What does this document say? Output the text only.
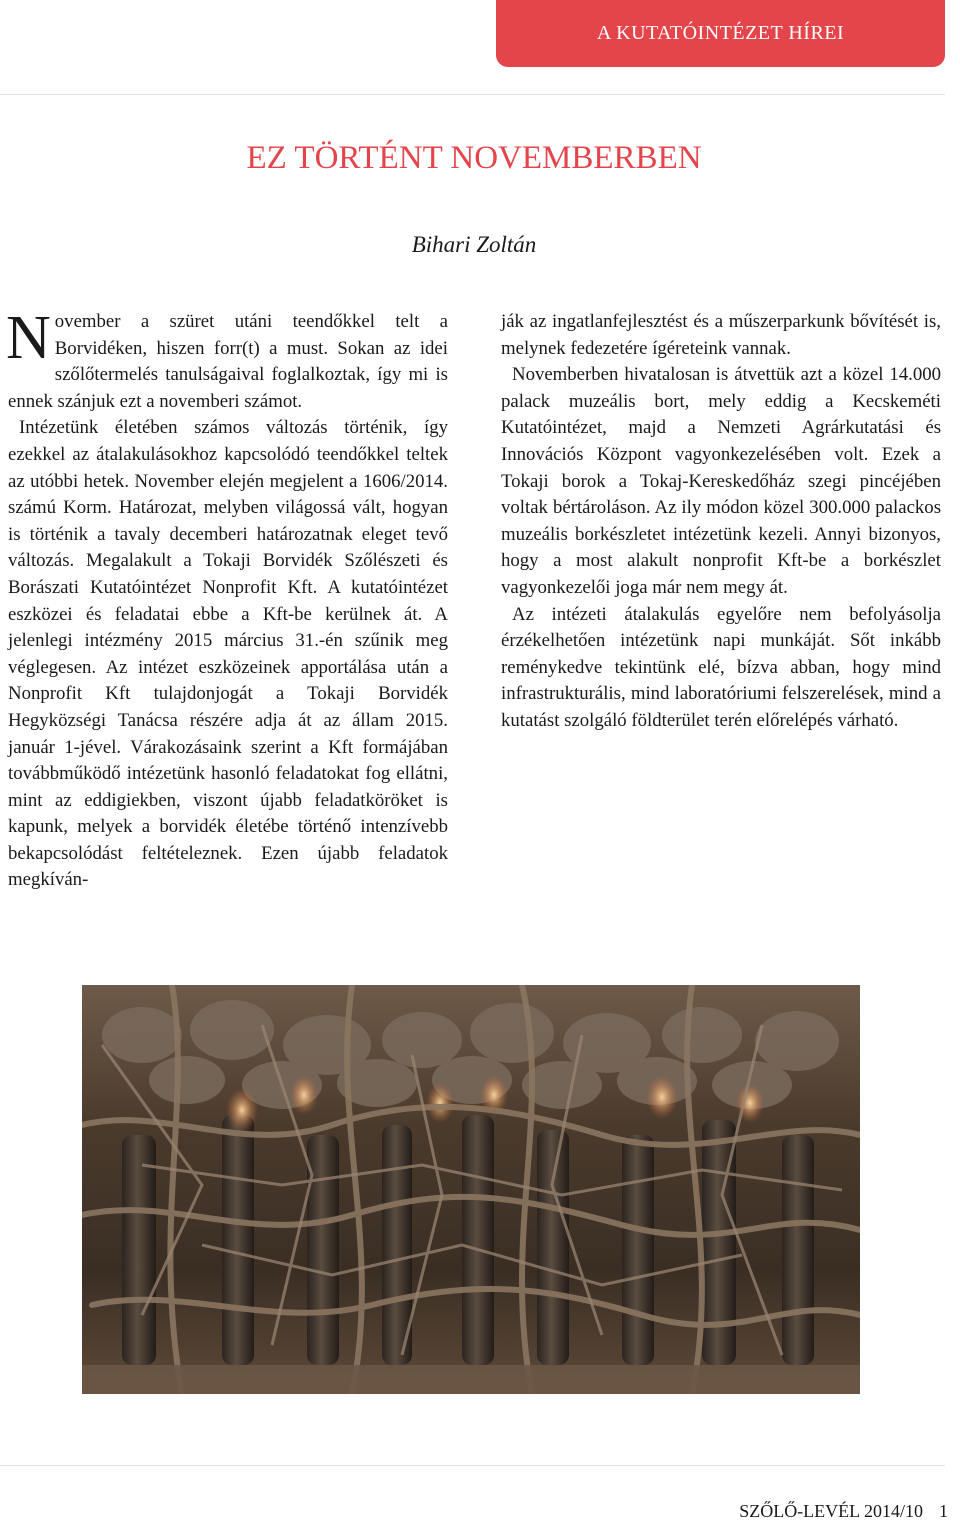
A KUTATÓINTÉZET HÍREI
EZ TÖRTÉNT NOVEMBERBEN
Bihari Zoltán

November a szüret utáni teendőkkel telt a Borvidéken, hiszen forr(t) a must. Sokan az idei szőlőtermelés tanulságaival foglalkoztak, így mi is ennek szánjuk ezt a novemberi számot.

Intézetünk életében számos változás történik, így ezekkel az átalakulásokhoz kapcsolódó teendőkkel teltek az utóbbi hetek. November elején megjelent a 1606/2014. számú Korm. Határozat, melyben világossá vált, hogyan is történik a tavaly decemberi határozatnak eleget tevő változás. Megalakult a Tokaji Borvidék Szőlészeti és Borászati Kutatóintézet Nonprofit Kft. A kutatóintézet eszközei és feladatai ebbe a Kft-be kerülnek át. A jelenlegi intézmény 2015 március 31.-én szűnik meg véglegesen. Az intézet eszközeinek apportálása után a Nonprofit Kft tulajdonjogát a Tokaji Borvidék Hegyközségi Tanácsa részére adja át az állam 2015. január 1-jével. Várakozásaink szerint a Kft formájában továbbműködő intézetünk hasonló feladatokat fog ellátni, mint az eddigiekben, viszont újabb feladatköröket is kapunk, melyek a borvidék életébe történő intenzívebb bekapcsolódást feltételeznek. Ezen újabb feladatok megkíván-

ják az ingatlanfejlesztést és a műszerparkunk bővítését is, melynek fedezetére ígéreteink vannak.

Novemberben hivatalosan is átvettük azt a közel 14.000 palack muzeális bort, mely eddig a Kecskeméti Kutatóintézet, majd a Nemzeti Agrárkutatási és Innovációs Központ vagyonkezelésében volt. Ezek a Tokaji borok a Tokaj-Kereskedőház szegi pincéjében voltak bértároláson. Az ily módon közel 300.000 palackos muzeális borkészletet intézetünk kezeli. Annyi bizonyos, hogy a most alakult nonprofit Kft-be a borkészlet vagyonkezelői joga már nem megy át.

Az intézeti átalakulás egyelőre nem befolyásolja érzékelhetően intézetünk napi munkáját. Sőt inkább reménykedve tekintünk elé, bízva abban, hogy mind infrastrukturális, mind laboratóriumi felszerelések, mind a kutatást szolgáló földterület terén előrelépés várható.

SZŐLŐ-LEVÉL 2014/10 1
